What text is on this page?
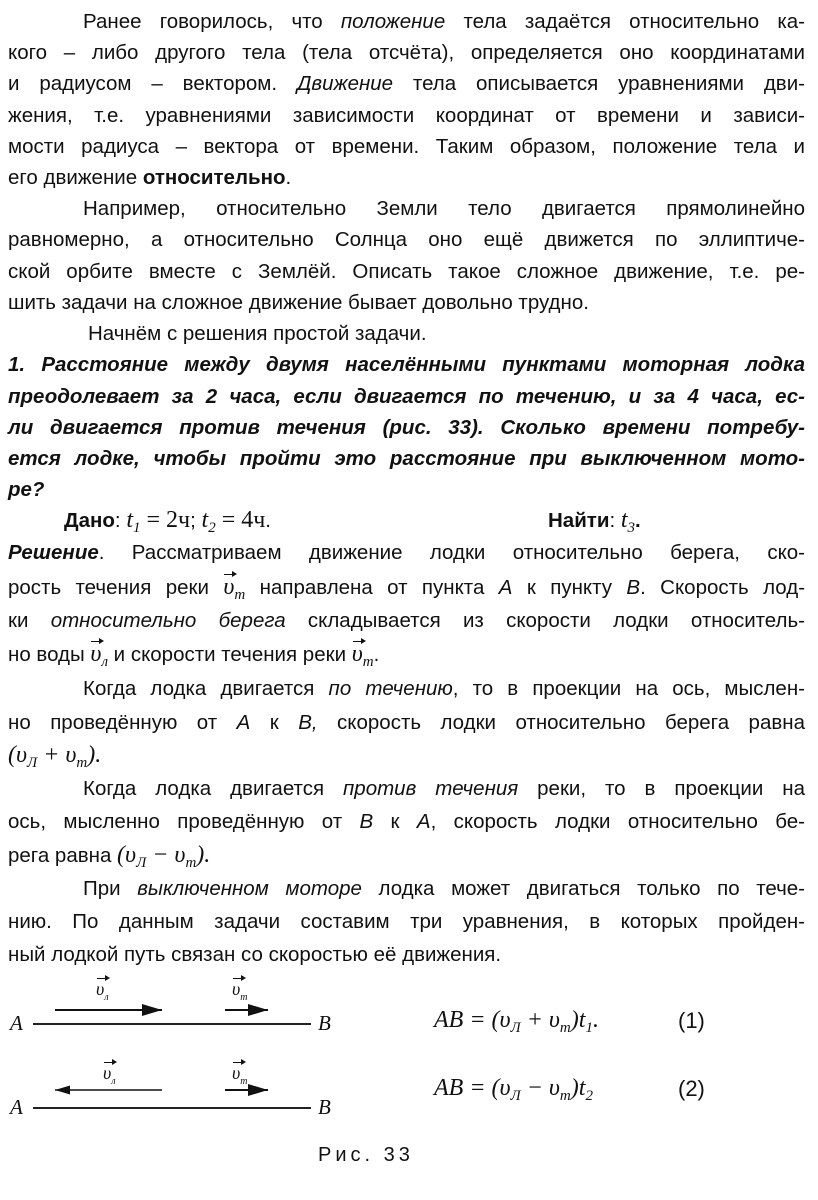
Ранее говорилось, что положение тела задаётся относительно ка-
кого – либо другого тела (тела отсчёта), определяется оно координатами
и радиусом – вектором. Движение тела описывается уравнениями дви-
жения, т.е. уравнениями зависимости координат от времени и зависи-
мости радиуса – вектора от времени. Таким образом, положение тела и
его движение относительно.
Например, относительно Земли тело двигается прямолинейно
равномерно, а относительно Солнца оно ещё движется по эллиптиче-
ской орбите вместе с Землёй. Описать такое сложное движение, т.е. ре-
шить задачи на сложное движение бывает довольно трудно.
Начнём с решения простой задачи.
1. Расстояние между двумя населёнными пунктами моторная лодка
преодолевает за 2 часа, если двигается по течению, и за 4 часа, ес-
ли двигается против течения (рис. 33). Сколько времени потребу-
ется лодке, чтобы пройти это расстояние при выключенном мото-
ре?
Решение. Рассматриваем движение лодки относительно берега, ско-
рость течения реки $\upsilon_m$ направлена от пункта A к пункту B. Скорость лод-
ки относительно берега складывается из скорости лодки относитель-
но воды $\upsilon_л$ и скорости течения реки $\upsilon_m$.
Когда лодка двигается по течению, то в проекции на ось, мыслен-
но проведённую от A к B, скорость лодки относительно берега равна
$(\upsilon_Л + \upsilon_m)$.
Когда лодка двигается против течения реки, то в проекции на
ось, мысленно проведённую от B к A, скорость лодки относительно бе-
рега равна $(\upsilon_Л - \upsilon_m)$.
При выключенном моторе лодка может двигаться только по тече-
нию. По данным задачи составим три уравнения, в которых пройден-
ный лодкой путь связан со скоростью её движения.
Дано: $t_1 = 2ч$; $t_2 = 4ч$.	Найти: $t_3$.
A	B
A	B
$\upsilon_л$	$\upsilon_m$
$\upsilon_л$	$\upsilon_m$
AB = $(\upsilon_Л + \upsilon_m)t_1$.	(1)
AB = $(\upsilon_Л - \upsilon_m)t_2$	(2)
Рис. 33
